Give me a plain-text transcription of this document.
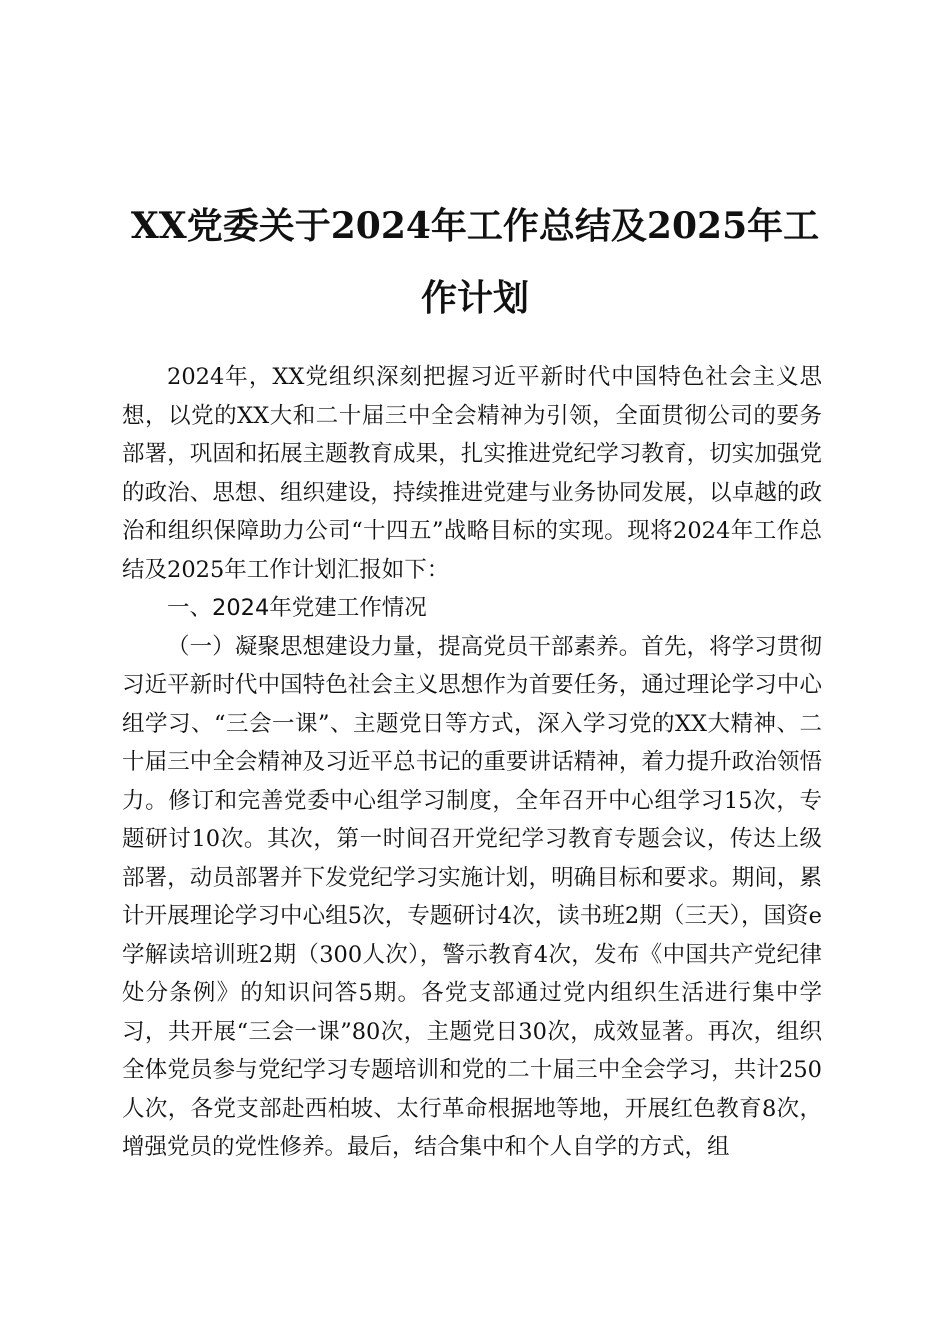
XX党委关于2024年工作总结及2025年工作计划

2024年，XX党组织深刻把握习近平新时代中国特色社会主义思想，以党的XX大和二十届三中全会精神为引领，全面贯彻公司的要务部署，巩固和拓展主题教育成果，扎实推进党纪学习教育，切实加强党的政治、思想、组织建设，持续推进党建与业务协同发展，以卓越的政治和组织保障助力公司“十四五”战略目标的实现。现将2024年工作总结及2025年工作计划汇报如下：

一、2024年党建工作情况

（一）凝聚思想建设力量，提高党员干部素养。首先，将学习贯彻习近平新时代中国特色社会主义思想作为首要任务，通过理论学习中心组学习、“三会一课”、主题党日等方式，深入学习党的XX大精神、二十届三中全会精神及习近平总书记的重要讲话精神，着力提升政治领悟力。修订和完善党委中心组学习制度，全年召开中心组学习15次，专题研讨10次。其次，第一时间召开党纪学习教育专题会议，传达上级部署，动员部署并下发党纪学习实施计划，明确目标和要求。期间，累计开展理论学习中心组5次，专题研讨4次，读书班2期（三天），国资e学解读培训班2期（300人次），警示教育4次，发布《中国共产党纪律处分条例》的知识问答5期。各党支部通过党内组织生活进行集中学习，共开展“三会一课”80次，主题党日30次，成效显著。再次，组织全体党员参与党纪学习专题培训和党的二十届三中全会学习，共计250人次，各党支部赴西柏坡、太行革命根据地等地，开展红色教育8次，增强党员的党性修养。最后，结合集中和个人自学的方式，组
